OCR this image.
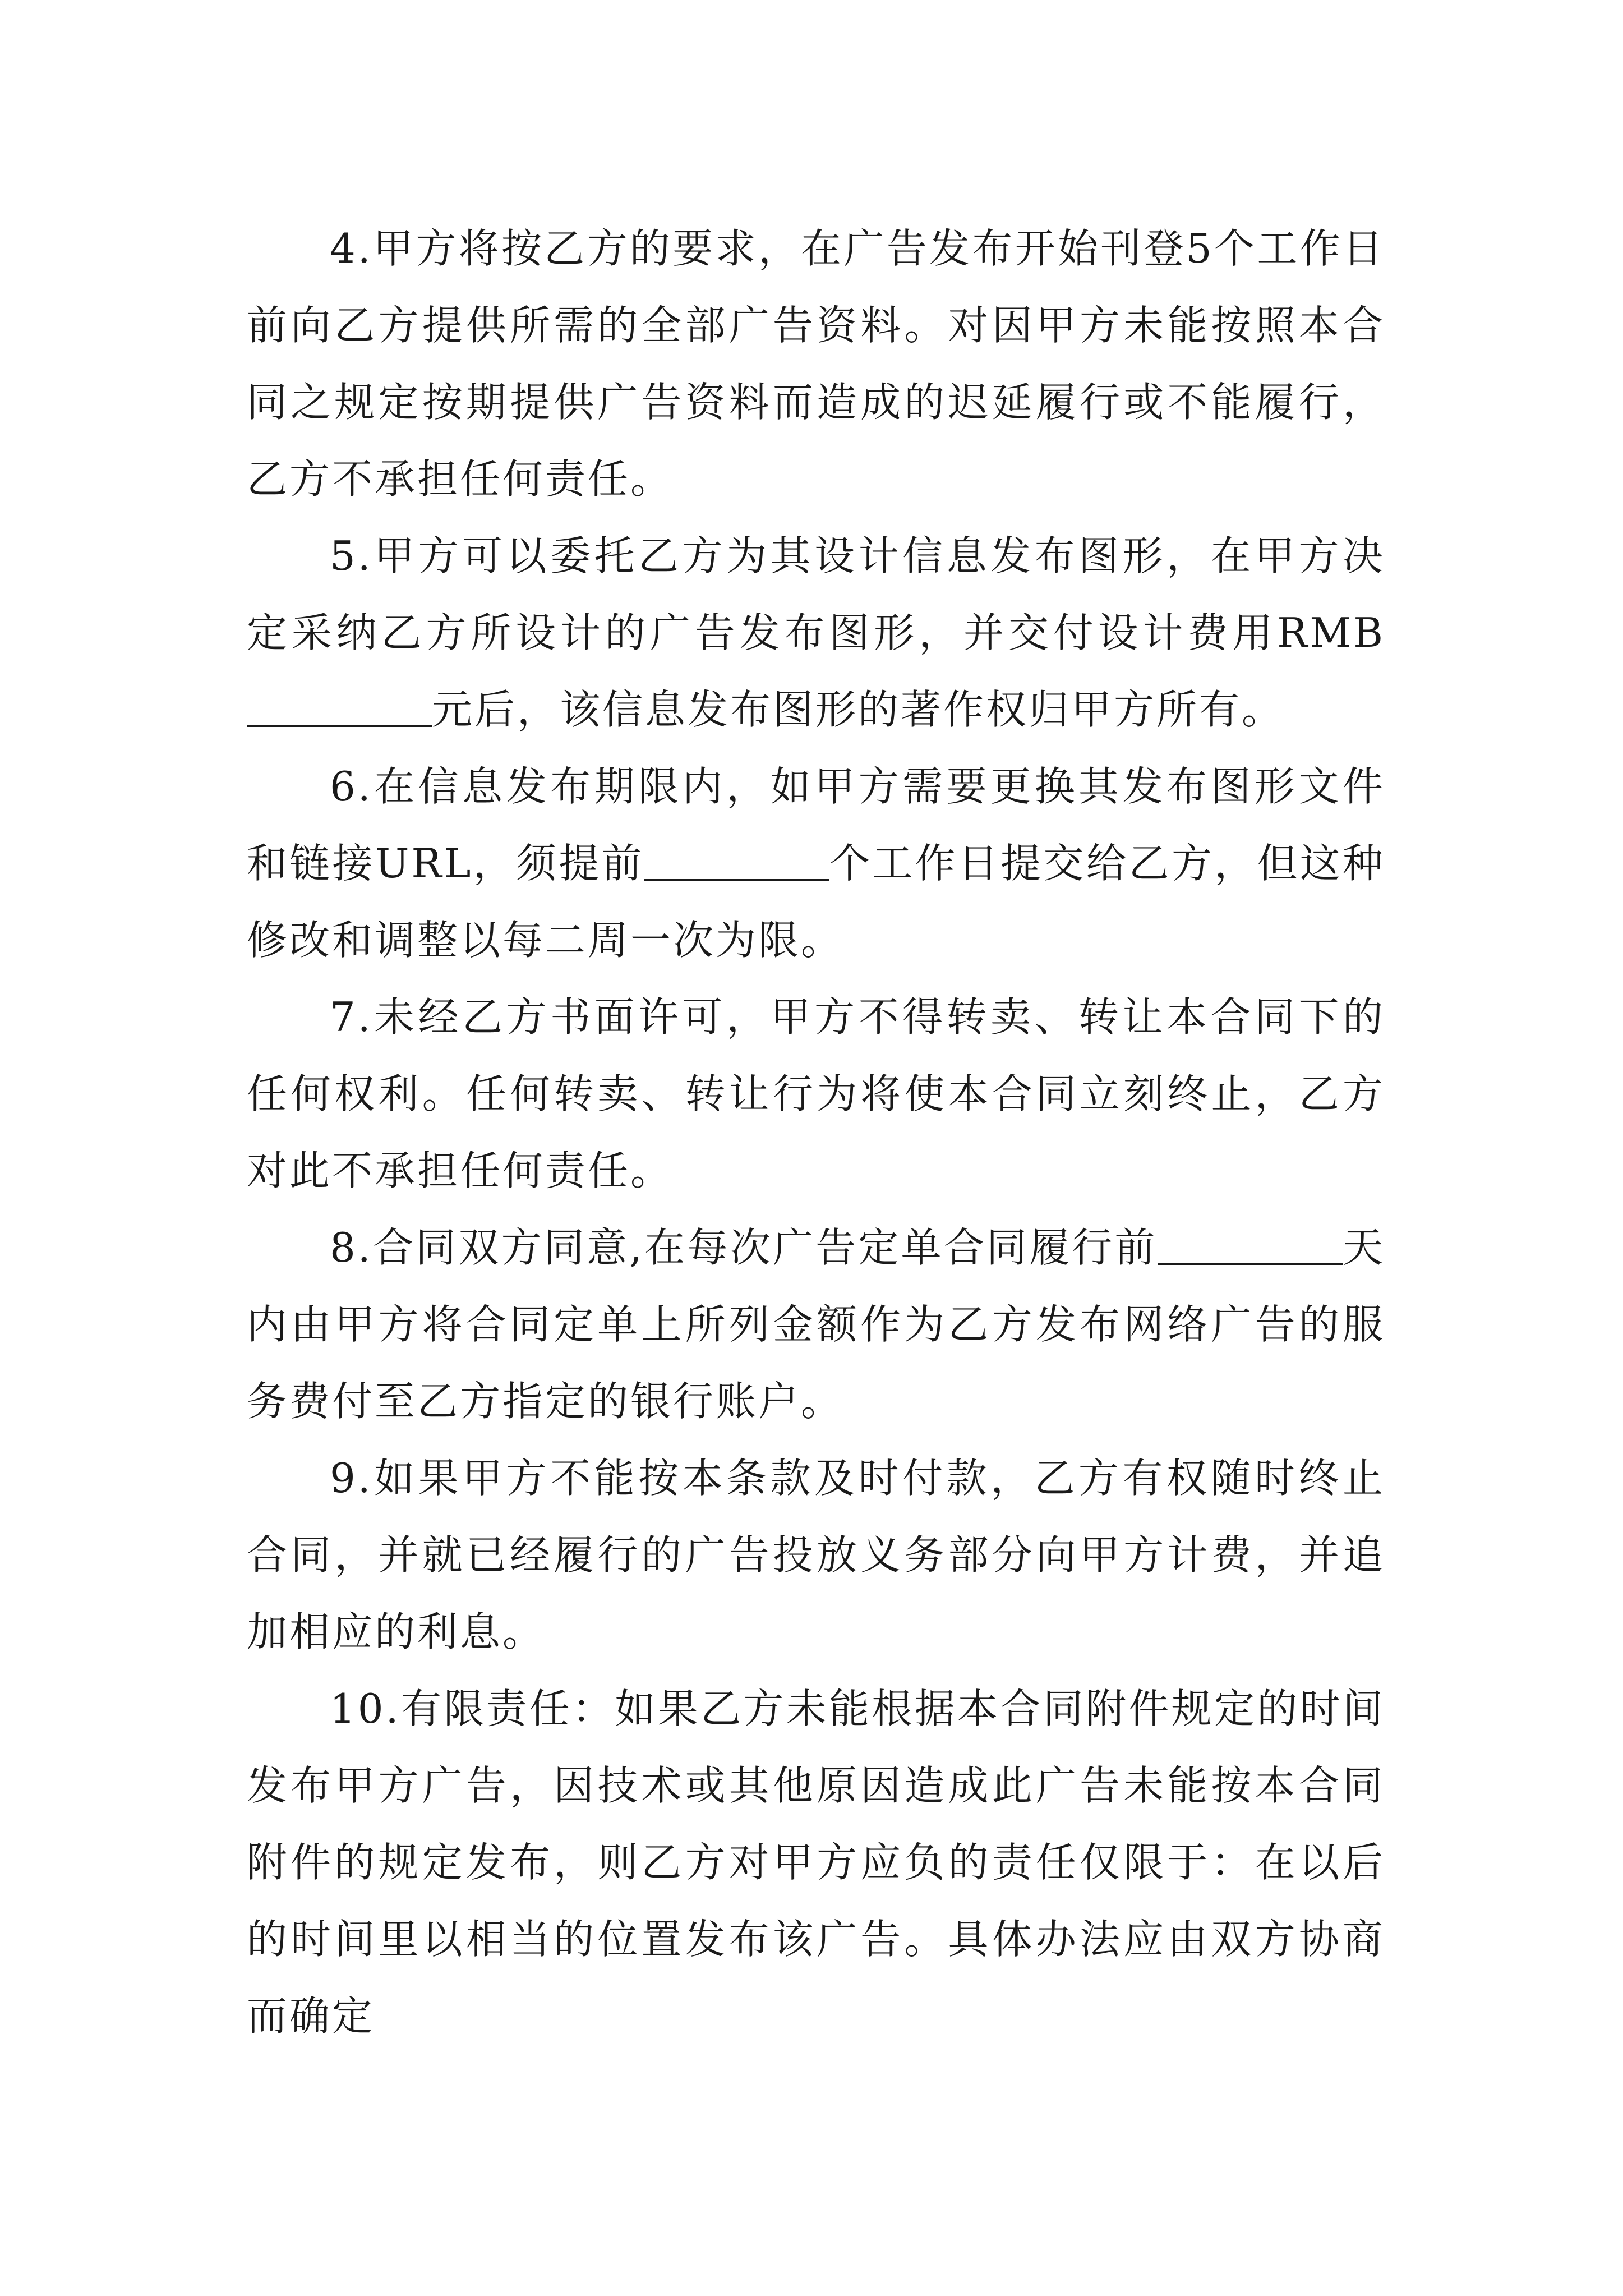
4.甲方将按乙方的要求，在广告发布开始刊登5个工作日前向乙方提供所需的全部广告资料。对因甲方未能按照本合同之规定按期提供广告资料而造成的迟延履行或不能履行，乙方不承担任何责任。

5.甲方可以委托乙方为其设计信息发布图形，在甲方决定采纳乙方所设计的广告发布图形，并交付设计费用RMB元后，该信息发布图形的著作权归甲方所有。

6.在信息发布期限内，如甲方需要更换其发布图形文件和链接URL，须提前	个工作日提交给乙方，但这种修改和调整以每二周一次为限。

7.未经乙方书面许可，甲方不得转卖、转让本合同下的任何权利。任何转卖、转让行为将使本合同立刻终止，乙方对此不承担任何责任。

8.合同双方同意,在每次广告定单合同履行前	天内由甲方将合同定单上所列金额作为乙方发布网络广告的服务费付至乙方指定的银行账户。

9.如果甲方不能按本条款及时付款，乙方有权随时终止合同，并就已经履行的广告投放义务部分向甲方计费，并追加相应的利息。

10.有限责任：如果乙方未能根据本合同附件规定的时间发布甲方广告，因技术或其他原因造成此广告未能按本合同附件的规定发布，则乙方对甲方应负的责任仅限于：在以后的时间里以相当的位置发布该广告。具体办法应由双方协商而确定
